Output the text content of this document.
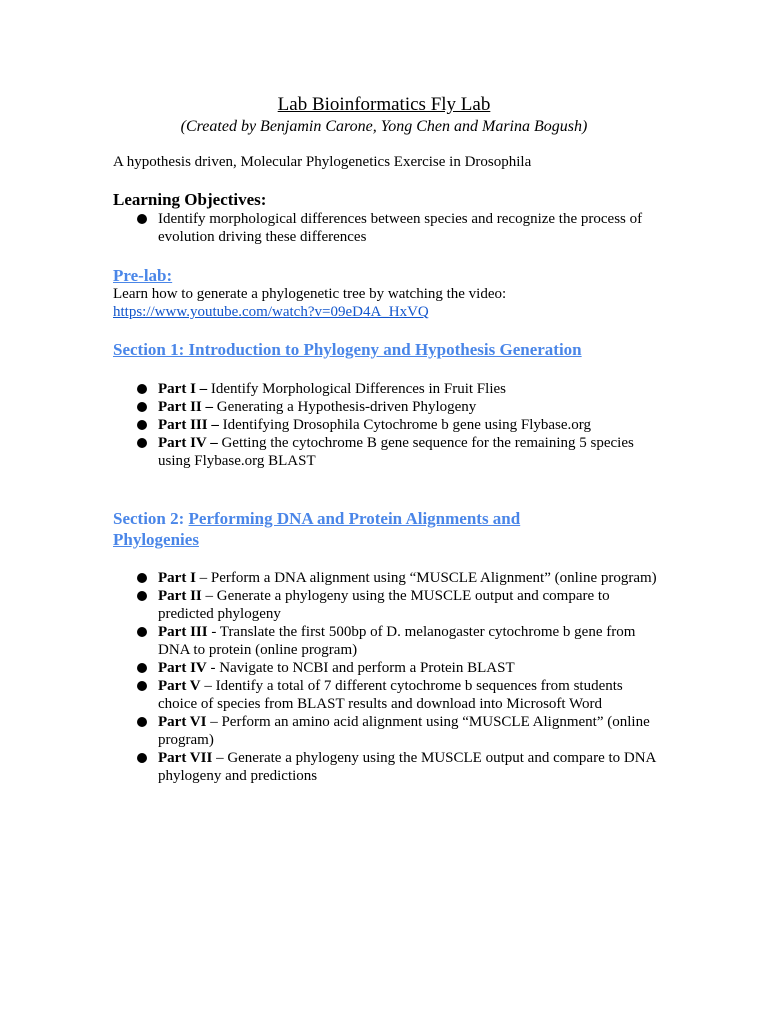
Lab Bioinformatics Fly Lab
(Created by Benjamin Carone, Yong Chen and Marina Bogush)
A hypothesis driven, Molecular Phylogenetics Exercise in Drosophila
Learning Objectives:
Identify morphological differences between species and recognize the process of evolution driving these differences
Pre-lab:
Learn how to generate a phylogenetic tree by watching the video:
https://www.youtube.com/watch?v=09eD4A_HxVQ
Section 1: Introduction to Phylogeny and Hypothesis Generation
Part I – Identify Morphological Differences in Fruit Flies
Part II – Generating a Hypothesis-driven Phylogeny
Part III – Identifying Drosophila Cytochrome b gene using Flybase.org
Part IV – Getting the cytochrome B gene sequence for the remaining 5 species using Flybase.org BLAST
Section 2: Performing DNA and Protein Alignments and Phylogenies
Part I – Perform a DNA alignment using “MUSCLE Alignment” (online program)
Part II – Generate a phylogeny using the MUSCLE output and compare to predicted phylogeny
Part III - Translate the first 500bp of D. melanogaster cytochrome b gene from DNA to protein (online program)
Part IV - Navigate to NCBI and perform a Protein BLAST
Part V – Identify a total of 7 different cytochrome b sequences from students choice of species from BLAST results and download into Microsoft Word
Part VI – Perform an amino acid alignment using “MUSCLE Alignment” (online program)
Part VII – Generate a phylogeny using the MUSCLE output and compare to DNA phylogeny and predictions
